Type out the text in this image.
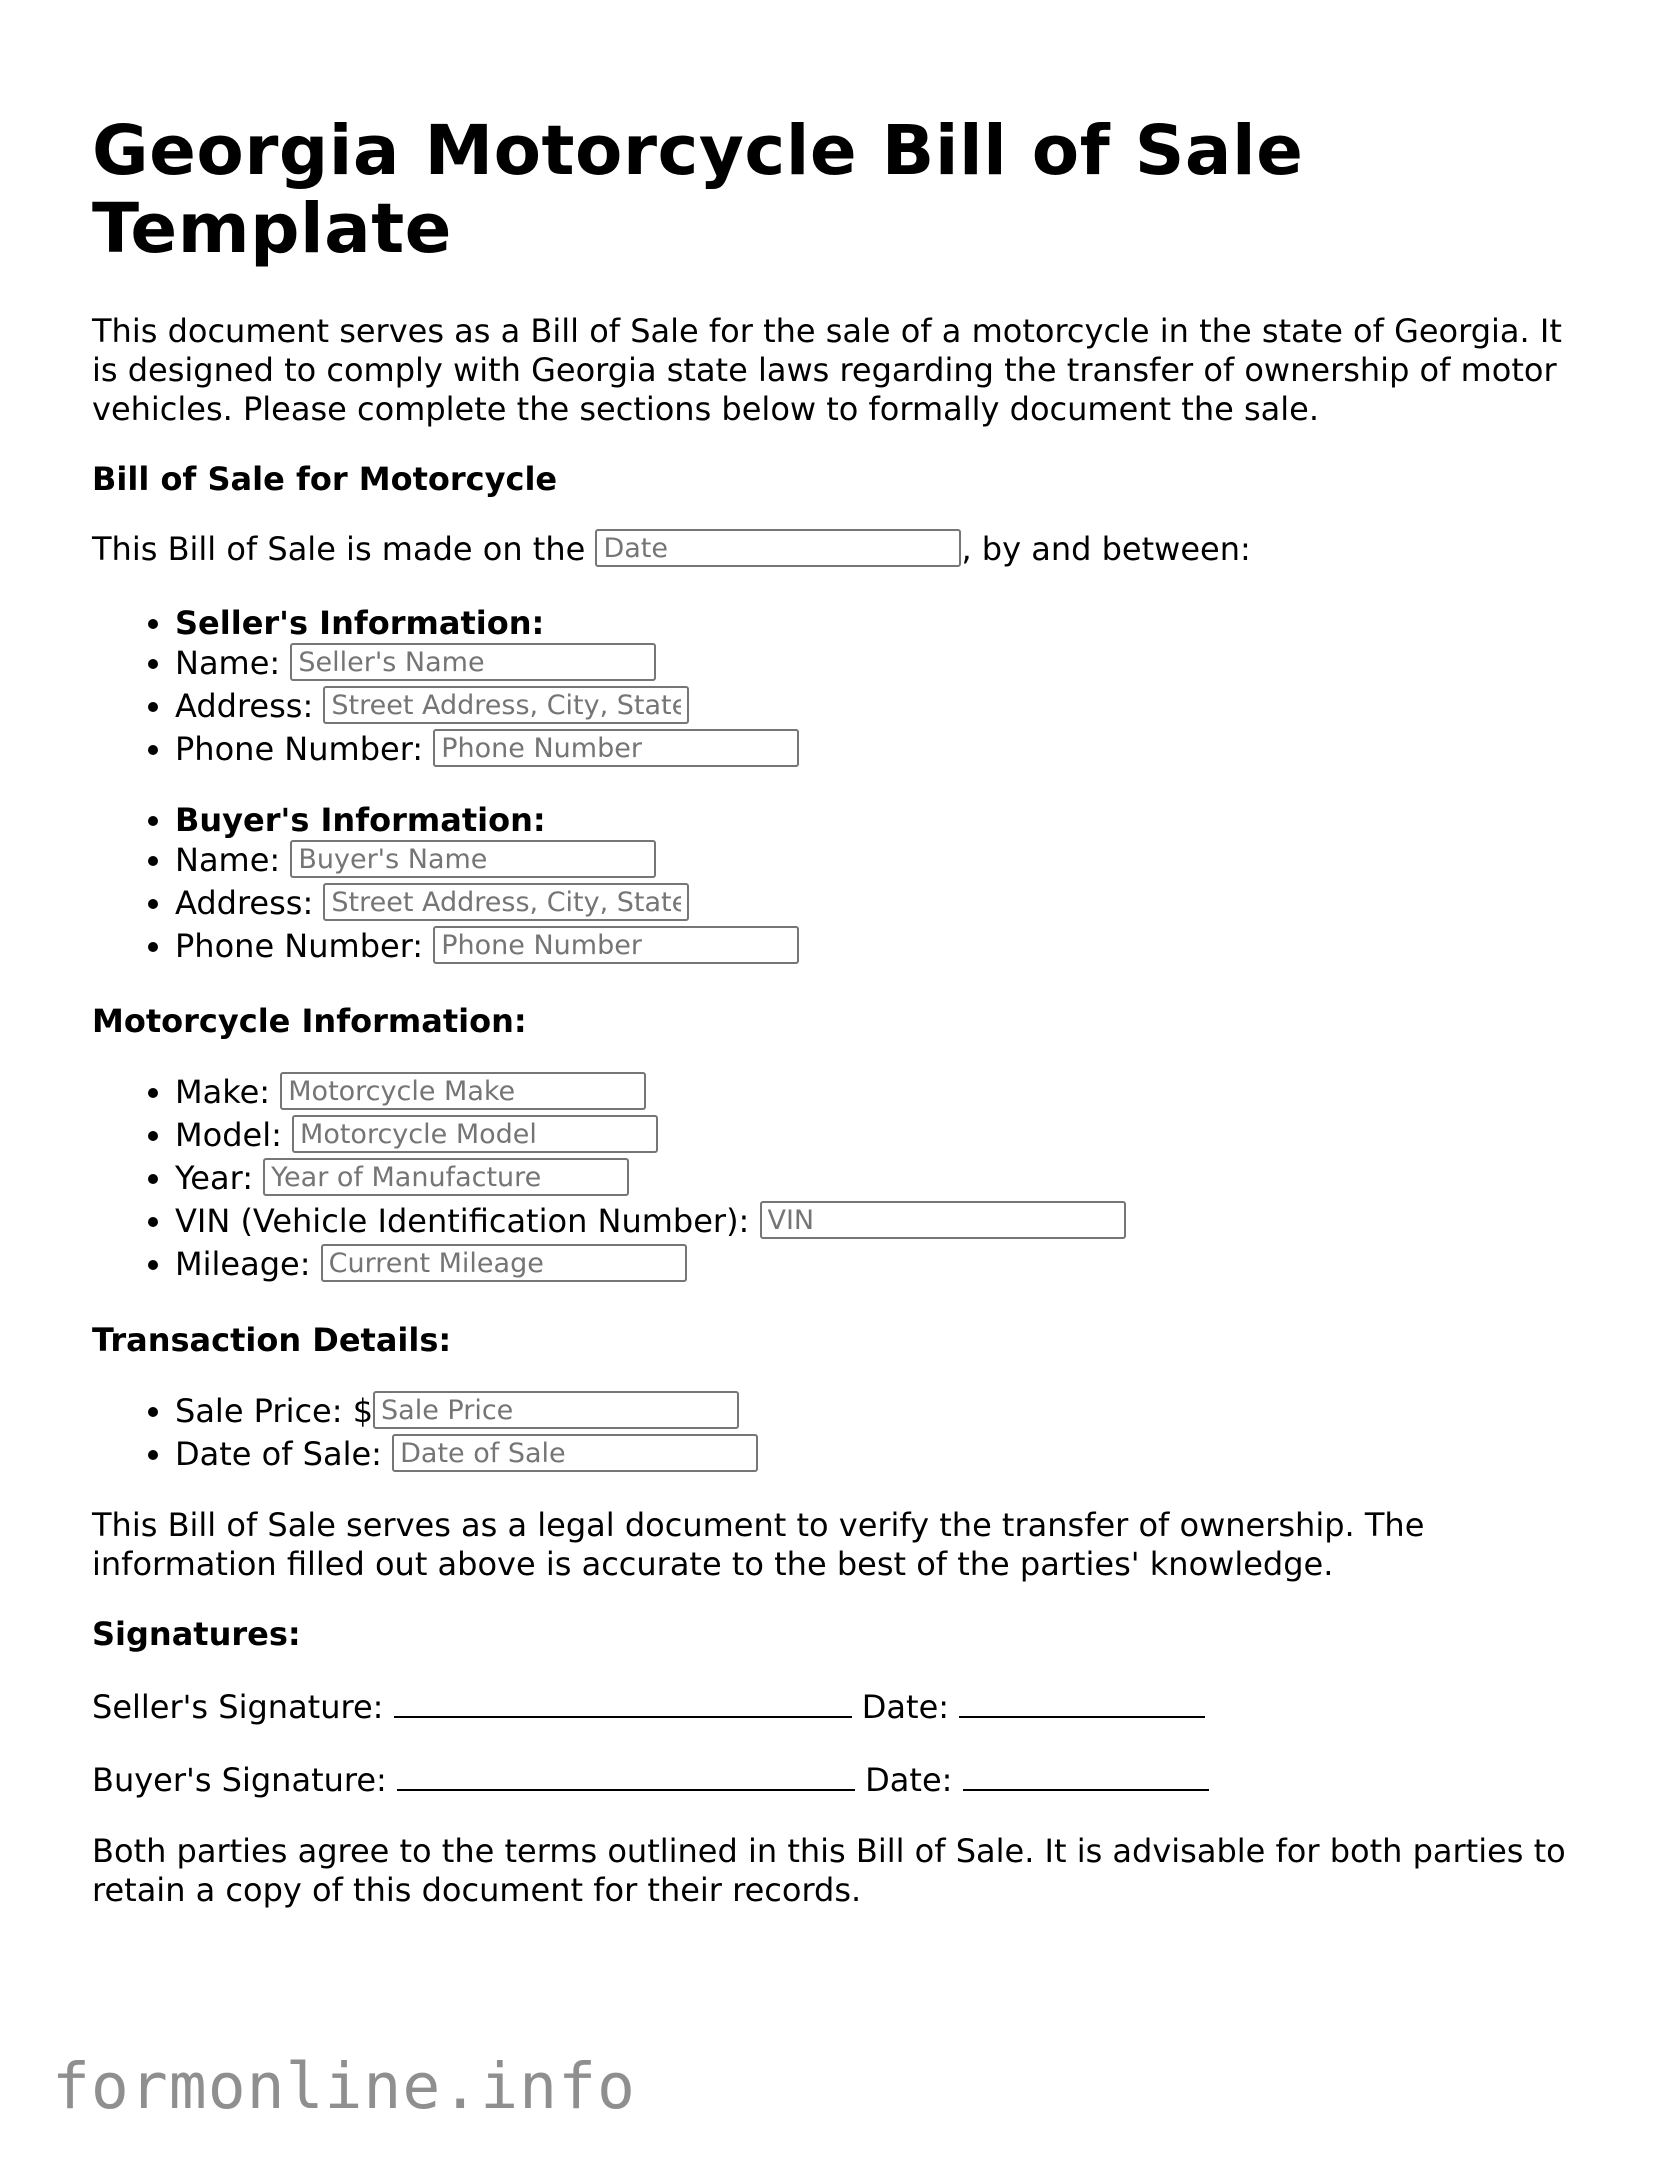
Georgia Motorcycle Bill of Sale Template

This document serves as a Bill of Sale for the sale of a motorcycle in the state of Georgia. It is designed to comply with Georgia state laws regarding the transfer of ownership of motor vehicles. Please complete the sections below to formally document the sale.

Bill of Sale for Motorcycle

This Bill of Sale is made on the Date	, by and between:

• Seller's Information:
• Name: Seller's Name
• Address: Street Address, City, State
• Phone Number: Phone Number
• Buyer's Information:
• Name: Buyer's Name
• Address: Street Address, City, State
• Phone Number: Phone Number
Motorcycle Information:
• Make: Motorcycle Make
• Model: Motorcycle Model
• Year: Year of Manufacture
• VIN (Vehicle Identification Number): VIN
• Mileage: Current Mileage
Transaction Details:
• Sale Price: $Sale Price
• Date of Sale: Date of Sale

This Bill of Sale serves as a legal document to verify the transfer of ownership. The information filled out above is accurate to the best of the parties' knowledge.

Signatures:

Seller's Signature:	Date:

Buyer's Signature:	Date:

Both parties agree to the terms outlined in this Bill of Sale. It is advisable for both parties to retain a copy of this document for their records.

formonline.info
